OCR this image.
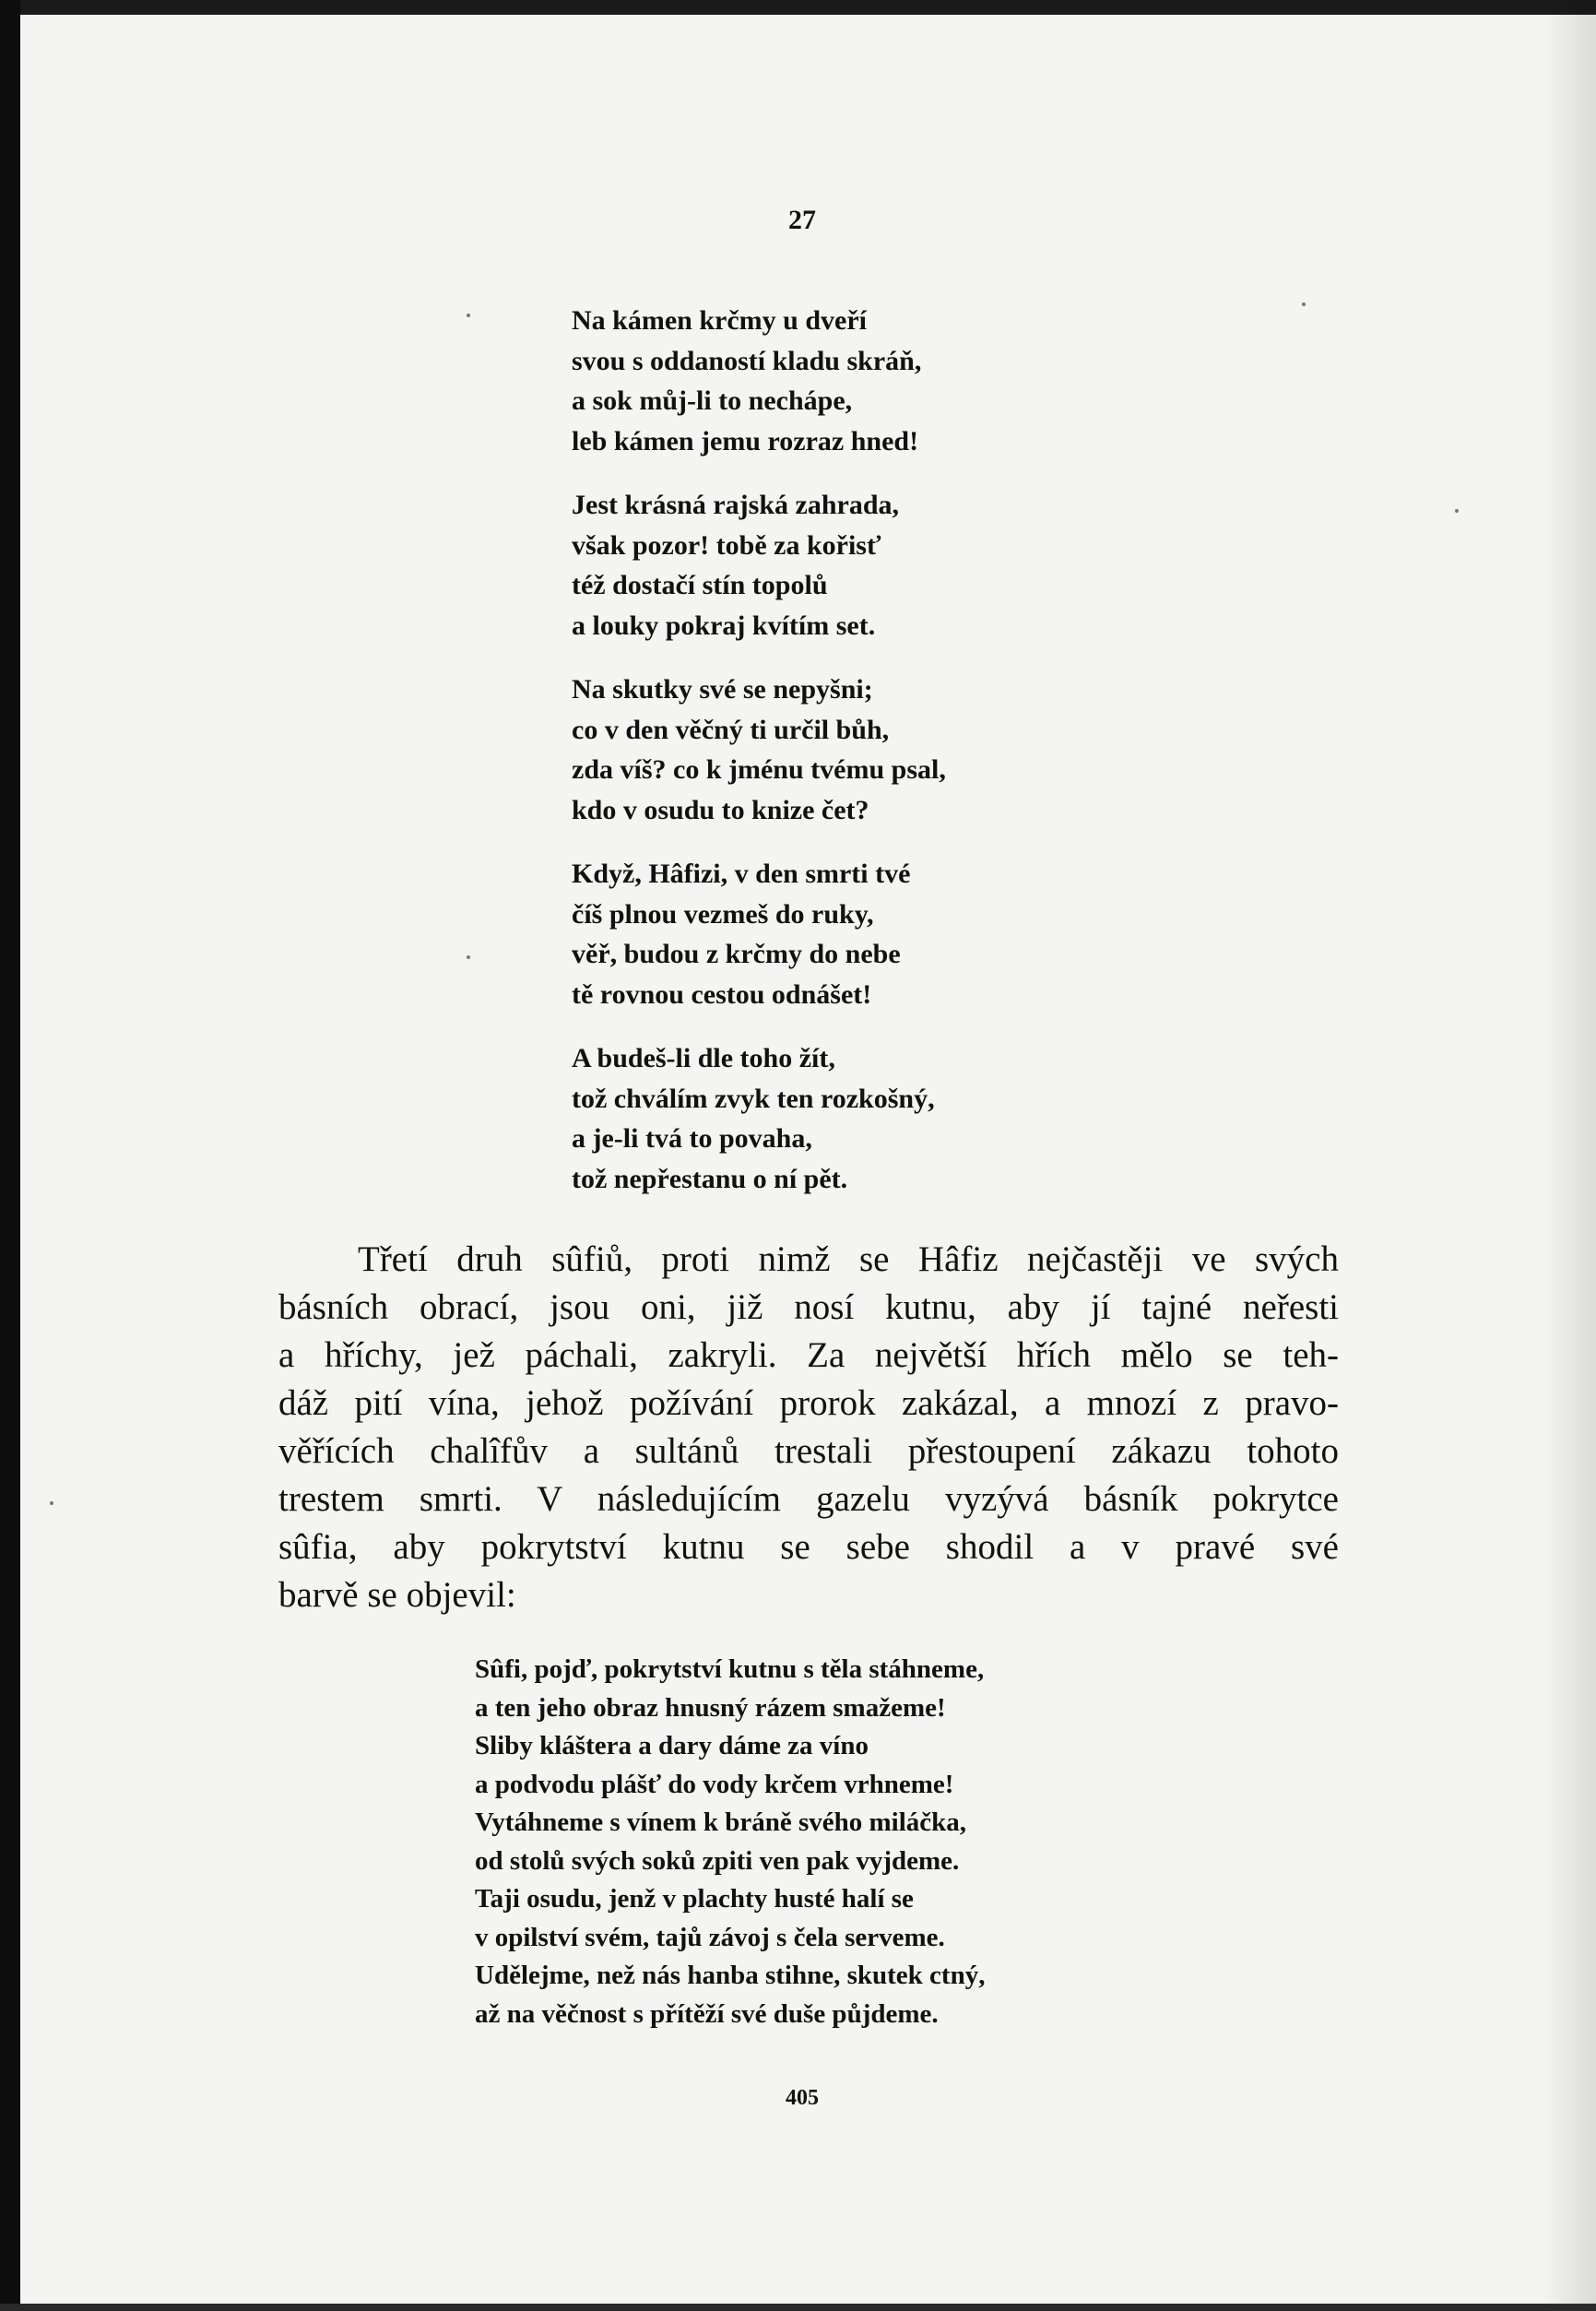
27
Na kámen krčmy u dveří
svou s oddaností kladu skráň,
a sok můj-li to nechápe,
leb kámen jemu rozraz hned!
Jest krásná rajská zahrada,
však pozor! tobě za kořisť
též dostačí stín topolů
a louky pokraj kvítím set.
Na skutky své se nepyšni;
co v den věčný ti určil bůh,
zda víš? co k jménu tvému psal,
kdo v osudu to knize čet?
Když, Hâfizi, v den smrti tvé
číš plnou vezmeš do ruky,
věř, budou z krčmy do nebe
tě rovnou cestou odnášet!
A budeš-li dle toho žít,
tož chválím zvyk ten rozkošný,
a je-li tvá to povaha,
tož nepřestanu o ní pět.
Třetí druh sûfiů, proti nimž se Hâfiz nejčastěji ve svých
básních obrací, jsou oni, již nosí kutnu, aby jí tajné neřesti
a hříchy, jež páchali, zakryli. Za největší hřích mělo se teh-
dáž pití vína, jehož požívání prorok zakázal, a mnozí z pravo-
věřících chalîfův a sultánů trestali přestoupení zákazu tohoto
trestem smrti. V následujícím gazelu vyzývá básník pokrytce
sûfia, aby pokrytství kutnu se sebe shodil a v pravé své
barvě se objevil:
Sûfi, pojď, pokrytství kutnu s těla stáhneme,
a ten jeho obraz hnusný rázem smažeme!
Sliby kláštera a dary dáme za víno
a podvodu plášť do vody krčem vrhneme!
Vytáhneme s vínem k bráně svého miláčka,
od stolů svých soků zpiti ven pak vyjdeme.
Taji osudu, jenž v plachty husté halí se
v opilství svém, tajů závoj s čela serveme.
Udělejme, než nás hanba stihne, skutek ctný,
až na věčnost s přítěží své duše půjdeme.
405
